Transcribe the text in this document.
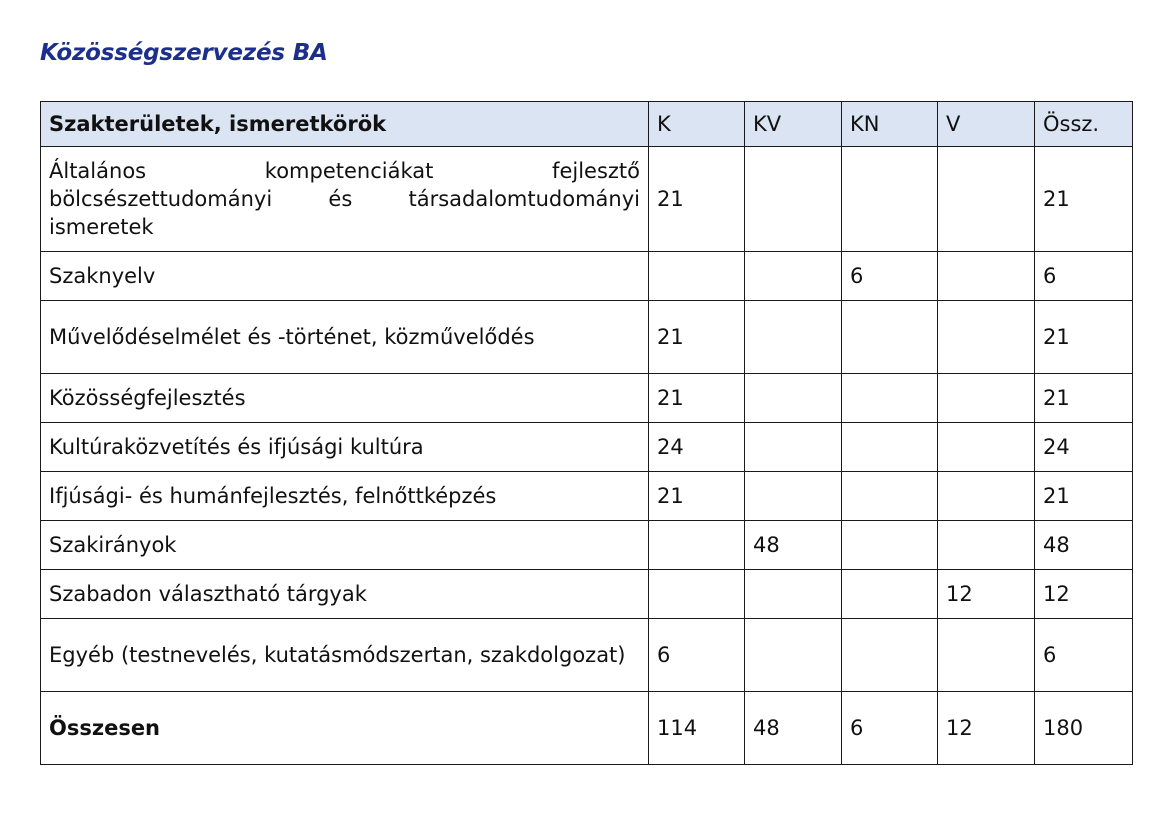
Közösségszervezés BA
Szakterületek, ismeretkörök	K	KV	KN	V	Össz.
Általános kompetenciákat fejlesztő bölcsészettudományi és társadalomtudományi ismeretek	21				21
Szaknyelv			6		6
Művelődéselmélet és -történet, közművelődés	21				21
Közösségfejlesztés	21				21
Kultúraközvetítés és ifjúsági kultúra	24				24
Ifjúsági- és humánfejlesztés, felnőttképzés	21				21
Szakirányok		48			48
Szabadon választható tárgyak				12	12
Egyéb (testnevelés, kutatásmódszertan, szakdolgozat)	6				6
Összesen	114	48	6	12	180
